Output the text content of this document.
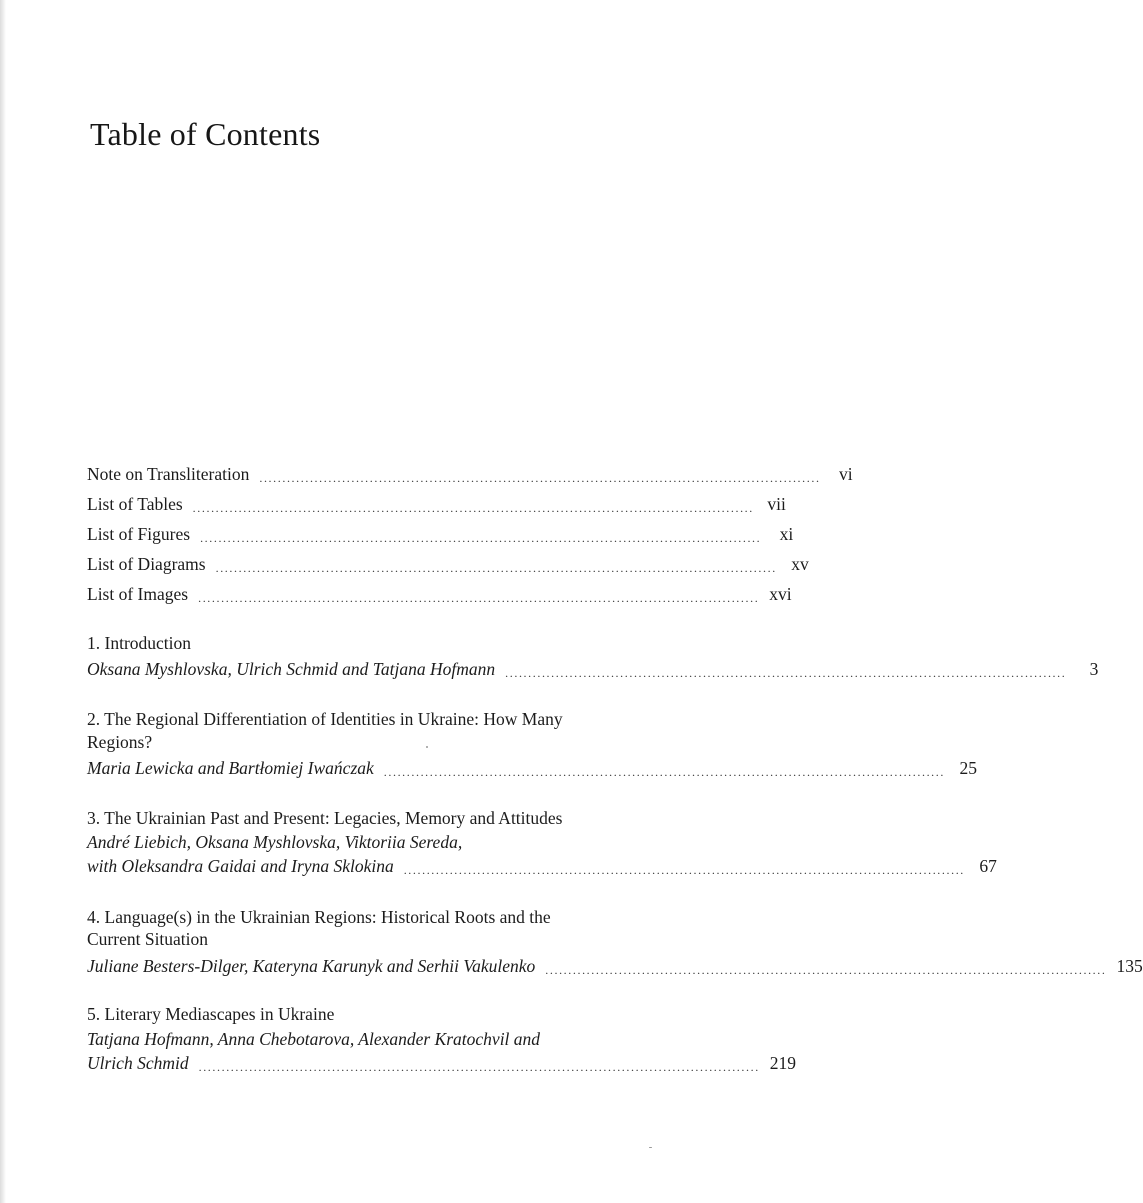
Table of Contents
Note on Transliteration ..........................................................................................................................	vi
List of Tables .......................................................................................................................... vii
List of Figures ..........................................................................................................................	xi
List of Diagrams .......................................................................................................................... xv
List of Images .......................................................................................................................... xvi
1. Introduction
Oksana Myshlovska, Ulrich Schmid and Tatjana Hofmann ..........................................................................................................................	3
2. The Regional Differentiation of Identities in Ukraine: How Many
Regions?
Maria Lewicka and Bartłomiej Iwańczak .......................................................................................................................... 25
3. The Ukrainian Past and Present: Legacies, Memory and Attitudes
André Liebich, Oksana Myshlovska, Viktoriia Sereda,
with Oleksandra Gaidai and Iryna Sklokina .......................................................................................................................... 67
4. Language(s) in the Ukrainian Regions: Historical Roots and the
Current Situation
Juliane Besters-Dilger, Kateryna Karunyk and Serhii Vakulenko .......................................................................................................................... 135
5. Literary Mediascapes in Ukraine
Tatjana Hofmann, Anna Chebotarova, Alexander Kratochvil and
Ulrich Schmid .......................................................................................................................... 219
